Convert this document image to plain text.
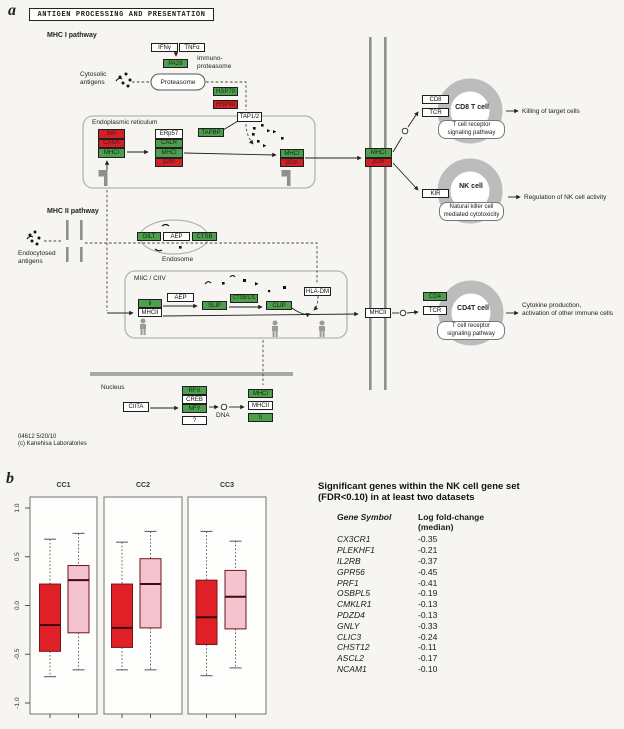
a	ANTIGEN PROCESSING AND PRESENTATION
MHC I pathway
MHC II pathway
IFNγ	TNFα
PA28
Immuno-
proteasome
Cytosolic
antigens	Proteasome
HSP70
HSP90
TAP1/2
Endoplasmic reticulum
BiP
CANX
MHCI
ERp57
CALR
MHCI
β2M
TAPBP
MHCI
β2m
MHCI
β2m
CD8
TCR
CD8 T cell
Killing of target cells
T cell receptor
signaling pathway
KIR
NK cell
Regulation of NK cell activity
Natural killer cell
mediated cytotoxicity
Endocytosed
antigens
GILT	AEP	CTSB
Endosome
MIIC / CIIV
Ii
MHCII
AEP
SLIP
CTSB/L/S
CLIP
HLA-DM
MHCII
CD4
TCR	CD4T cell	Cytokine production,
activation of other immune cells
T cell receptor
signaling pathway
Nucleus
CIITA
RFX
CREB
NFY
?
DNA
MHCI
MHCII
Ii
04612 5/20/10
(c) Kanehisa Laboratories
b	CC1	CC2	CC3
1.0
0.5
0.0
-0.5
-1.0
Significant genes within the NK cell gene set
(FDR<0.10) in at least two datasets
Gene Symbol	Log fold-change
(median)
CX3CR1	-0.35
PLEKHF1	-0.21
IL2RB	-0.37
GPR56	-0.45
PRF1	-0.41
OSBPL5	-0.19
CMKLR1	-0.13
PDZD4	-0.13
GNLY	-0.33
CLIC3	-0.24
CHST12	-0.11
ASCL2	-0.17
NCAM1	-0.10
